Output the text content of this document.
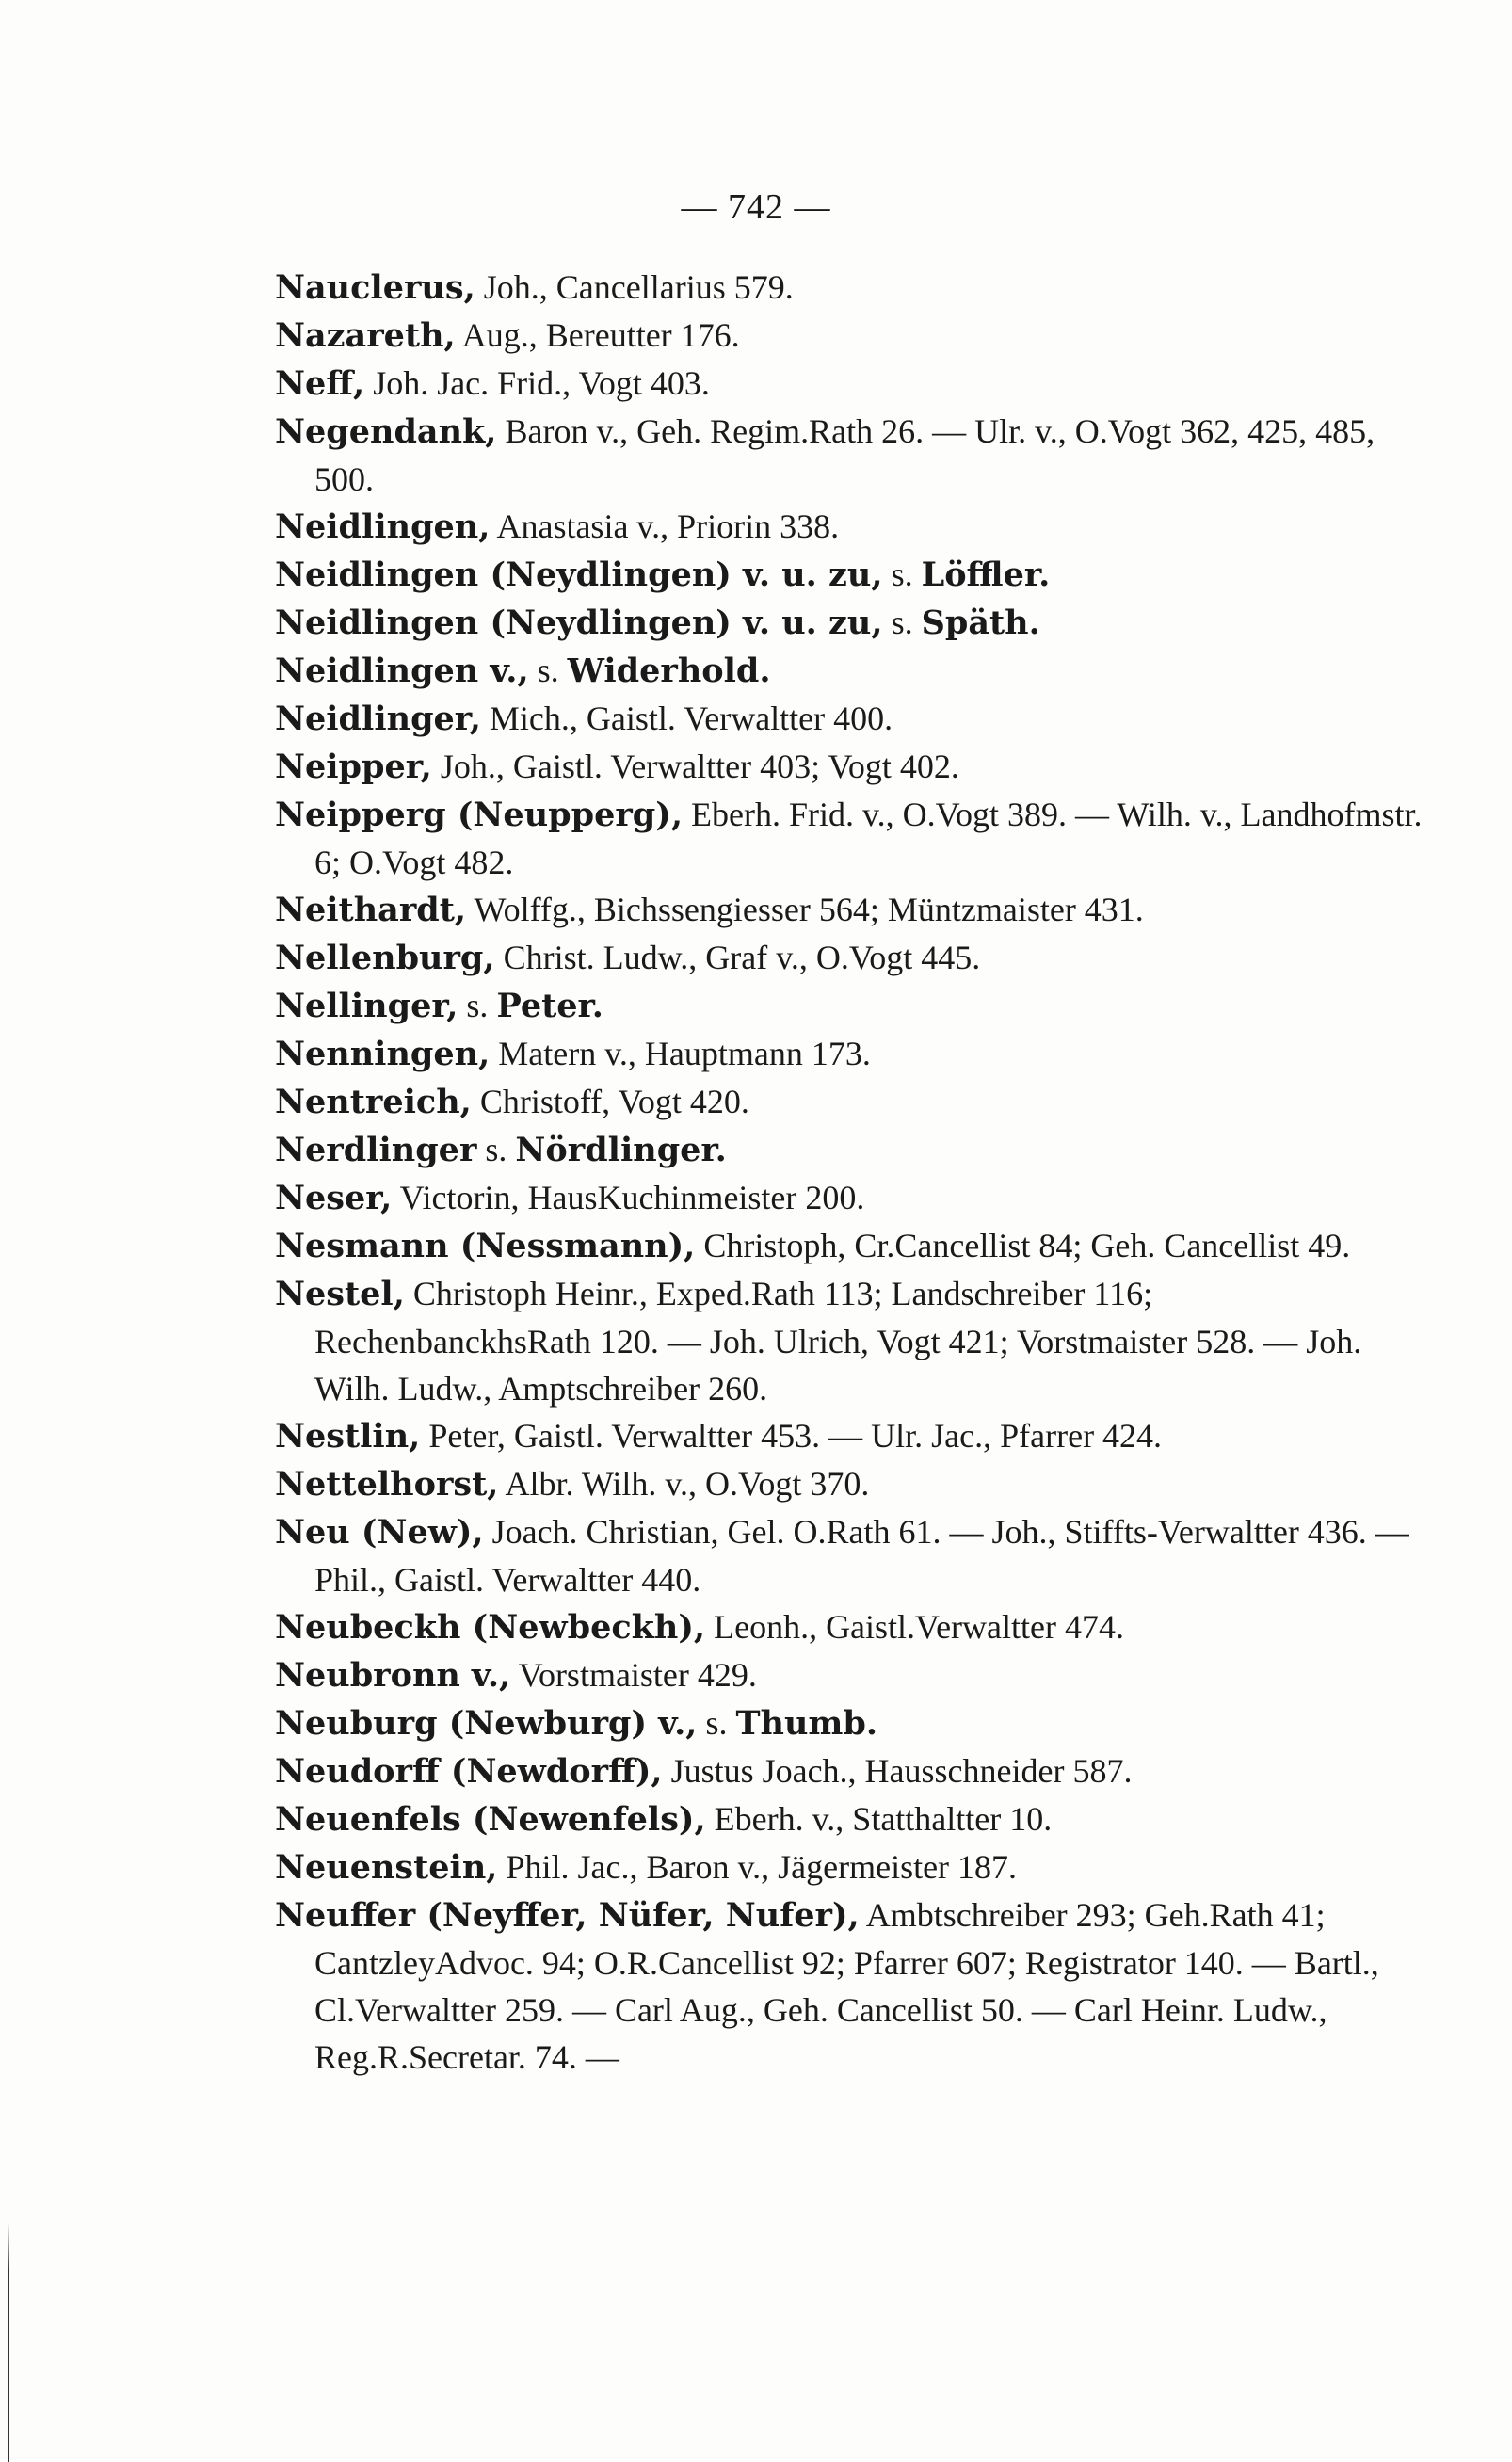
— 742 —
Nauclerus, Joh., Cancellarius 579.
Nazareth, Aug., Bereutter 176.
Neff, Joh. Jac. Frid., Vogt 403.
Negendank, Baron v., Geh. Regim.Rath 26. — Ulr. v., O.Vogt 362, 425, 485, 500.
Neidlingen, Anastasia v., Priorin 338.
Neidlingen (Neydlingen) v. u. zu, s. Löffler.
Neidlingen (Neydlingen) v. u. zu, s. Späth.
Neidlingen v., s. Widerhold.
Neidlinger, Mich., Gaistl. Verwaltter 400.
Neipper, Joh., Gaistl. Verwaltter 403; Vogt 402.
Neipperg (Neupperg), Eberh. Frid. v., O.Vogt 389. — Wilh. v., Landhofmstr. 6; O.Vogt 482.
Neithardt, Wolffg., Bichssengiesser 564; Müntzmaister 431.
Nellenburg, Christ. Ludw., Graf v., O.Vogt 445.
Nellinger, s. Peter.
Nenningen, Matern v., Hauptmann 173.
Nentreich, Christoff, Vogt 420.
Nerdlinger s. Nördlinger.
Neser, Victorin, HausKuchinmeister 200.
Nesmann (Nessmann), Christoph, Cr.Cancellist 84; Geh. Cancellist 49.
Nestel, Christoph Heinr., Exped.Rath 113; Landschreiber 116; RechenbanckhsRath 120. — Joh. Ulrich, Vogt 421; Vorstmaister 528. — Joh. Wilh. Ludw., Amptschreiber 260.
Nestlin, Peter, Gaistl. Verwaltter 453. — Ulr. Jac., Pfarrer 424.
Nettelhorst, Albr. Wilh. v., O.Vogt 370.
Neu (New), Joach. Christian, Gel. O.Rath 61. — Joh., Stiffts-Verwaltter 436. — Phil., Gaistl. Verwaltter 440.
Neubeckh (Newbeckh), Leonh., Gaistl.Verwaltter 474.
Neubronn v., Vorstmaister 429.
Neuburg (Newburg) v., s. Thumb.
Neudorff (Newdorff), Justus Joach., Hausschneider 587.
Neuenfels (Newenfels), Eberh. v., Statthaltter 10.
Neuenstein, Phil. Jac., Baron v., Jägermeister 187.
Neuffer (Neyffer, Nüfer, Nufer), Ambtschreiber 293; Geh.Rath 41; CantzleyAdvoc. 94; O.R.Cancellist 92; Pfarrer 607; Registrator 140. — Bartl., Cl.Verwaltter 259. — Carl Aug., Geh. Cancellist 50. — Carl Heinr. Ludw., Reg.R.Secretar. 74. —
